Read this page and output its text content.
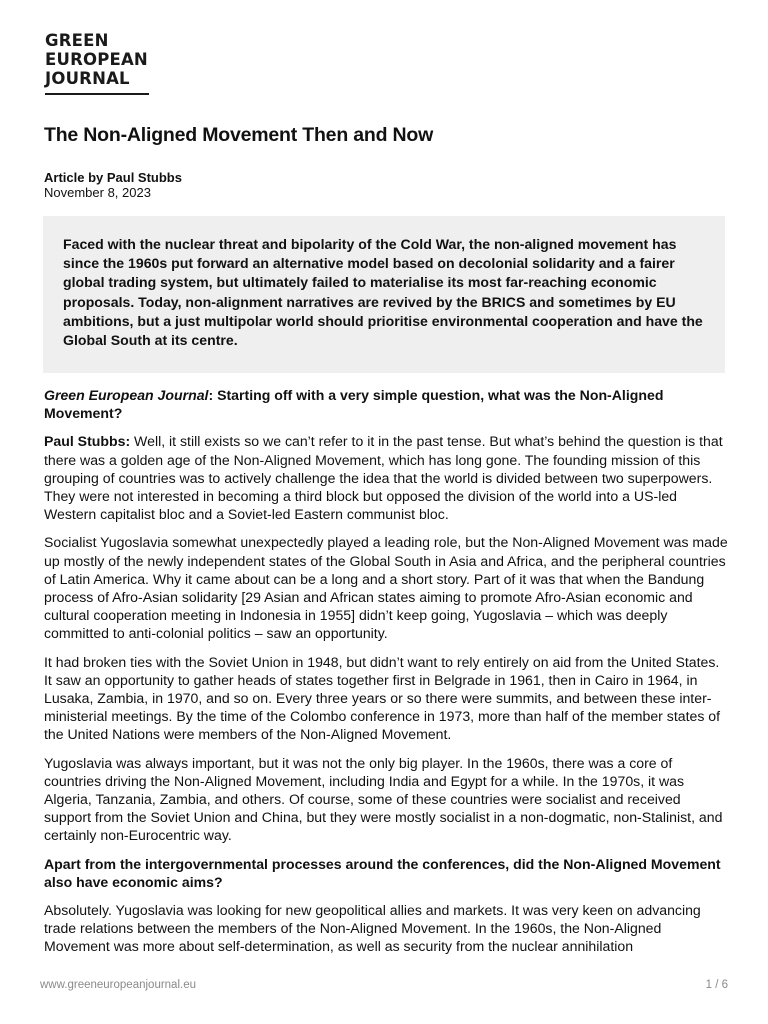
GREEN
EUROPEAN
JOURNAL
The Non-Aligned Movement Then and Now
Article by Paul Stubbs
November 8, 2023

Faced with the nuclear threat and bipolarity of the Cold War, the non-aligned movement has since the 1960s put forward an alternative model based on decolonial solidarity and a fairer global trading system, but ultimately failed to materialise its most far-reaching economic proposals. Today, non-alignment narratives are revived by the BRICS and sometimes by EU ambitions, but a just multipolar world should prioritise environmental cooperation and have the Global South at its centre.

Green European Journal: Starting off with a very simple question, what was the Non-Aligned Movement?

Paul Stubbs: Well, it still exists so we can’t refer to it in the past tense. But what’s behind the question is that there was a golden age of the Non-Aligned Movement, which has long gone. The founding mission of this grouping of countries was to actively challenge the idea that the world is divided between two superpowers. They were not interested in becoming a third block but opposed the division of the world into a US-led Western capitalist bloc and a Soviet-led Eastern communist bloc.

Socialist Yugoslavia somewhat unexpectedly played a leading role, but the Non-Aligned Movement was made up mostly of the newly independent states of the Global South in Asia and Africa, and the peripheral countries of Latin America. Why it came about can be a long and a short story. Part of it was that when the Bandung process of Afro-Asian solidarity [29 Asian and African states aiming to promote Afro-Asian economic and cultural cooperation meeting in Indonesia in 1955] didn’t keep going, Yugoslavia – which was deeply committed to anti-colonial politics – saw an opportunity.

It had broken ties with the Soviet Union in 1948, but didn’t want to rely entirely on aid from the United States. It saw an opportunity to gather heads of states together first in Belgrade in 1961, then in Cairo in 1964, in Lusaka, Zambia, in 1970, and so on. Every three years or so there were summits, and between these inter-ministerial meetings. By the time of the Colombo conference in 1973, more than half of the member states of the United Nations were members of the Non-Aligned Movement.

Yugoslavia was always important, but it was not the only big player. In the 1960s, there was a core of countries driving the Non-Aligned Movement, including India and Egypt for a while. In the 1970s, it was Algeria, Tanzania, Zambia, and others. Of course, some of these countries were socialist and received support from the Soviet Union and China, but they were mostly socialist in a non-dogmatic, non-Stalinist, and certainly non-Eurocentric way.

Apart from the intergovernmental processes around the conferences, did the Non-Aligned Movement also have economic aims?

Absolutely. Yugoslavia was looking for new geopolitical allies and markets. It was very keen on advancing trade relations between the members of the Non-Aligned Movement. In the 1960s, the Non-Aligned Movement was more about self-determination, as well as security from the nuclear annihilation

www.greeneuropeanjournal.eu	1 / 6
